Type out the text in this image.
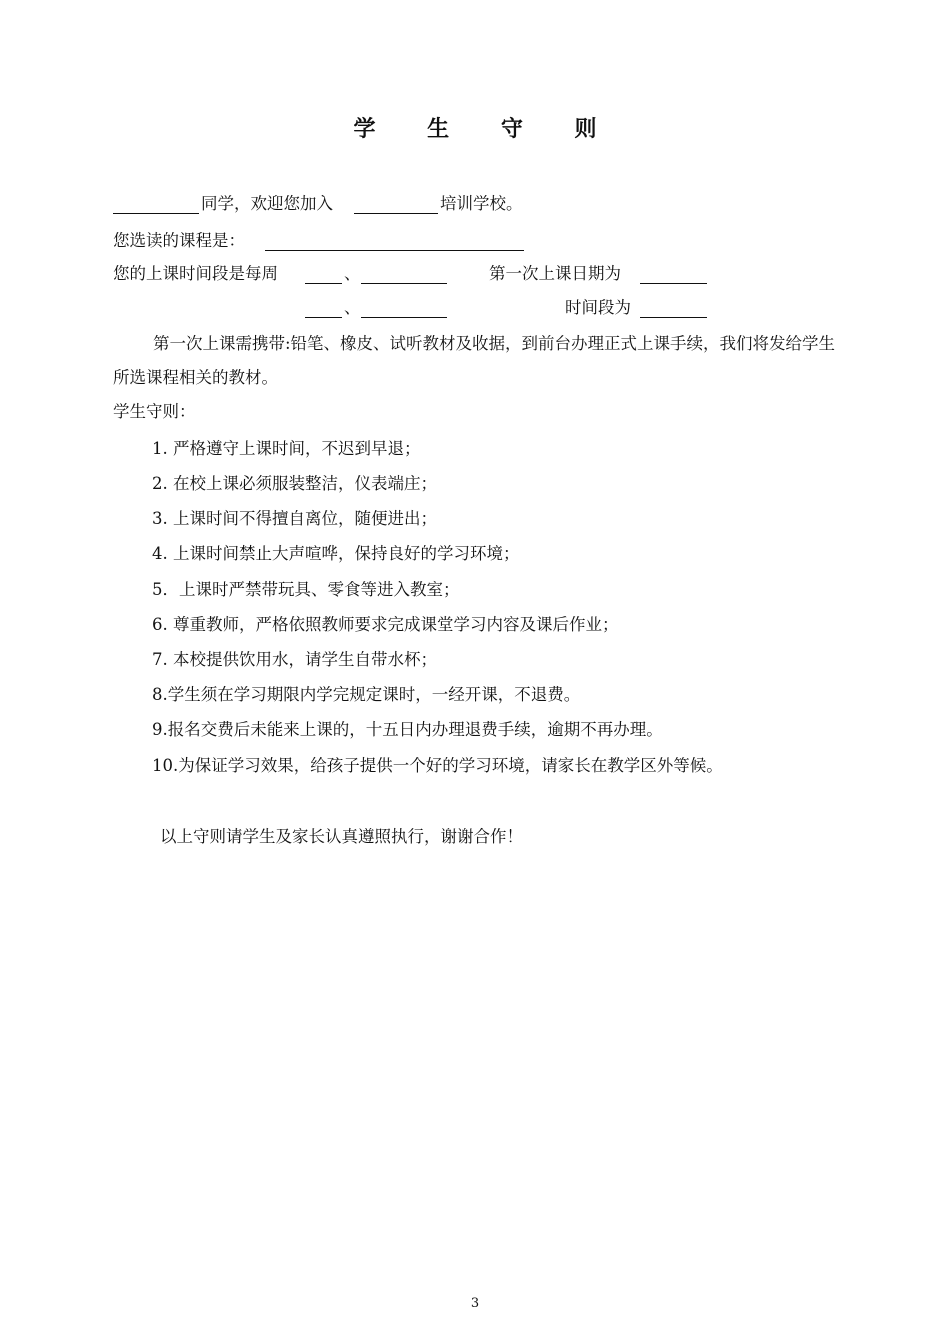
学 生 守 则
同学，欢迎您加入	培训学校。
您选读的课程是：
您的上课时间段是每周	、	第一次上课日期为
、	时间段为
第一次上课需携带:铅笔、橡皮、试听教材及收据，到前台办理正式上课手续，我们将发给学生所选课程相关的教材。
学生守则：
1. 严格遵守上课时间，不迟到早退；
2. 在校上课必须服装整洁，仪表端庄；
3. 上课时间不得擅自离位，随便进出；
4. 上课时间禁止大声喧哗，保持良好的学习环境；
5．上课时严禁带玩具、零食等进入教室；
6. 尊重教师，严格依照教师要求完成课堂学习内容及课后作业；
7. 本校提供饮用水，请学生自带水杯；
8.学生须在学习期限内学完规定课时，一经开课，不退费。
9.报名交费后未能来上课的，十五日内办理退费手续，逾期不再办理。
10.为保证学习效果，给孩子提供一个好的学习环境，请家长在教学区外等候。
以上守则请学生及家长认真遵照执行，谢谢合作！
3
